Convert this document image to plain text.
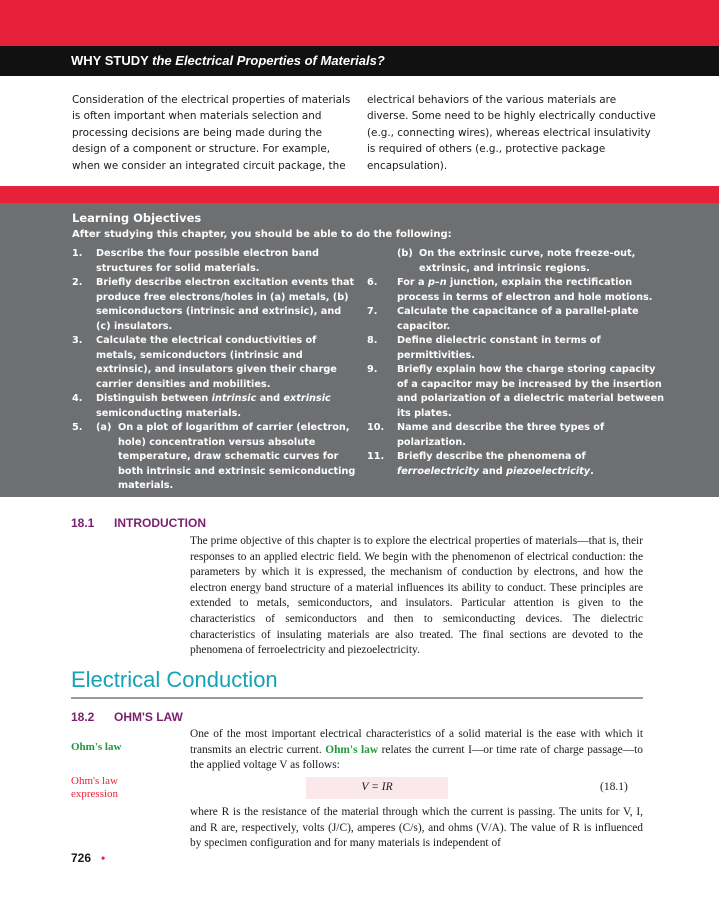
WHY STUDY the Electrical Properties of Materials?
Consideration of the electrical properties of materials is often important when materials selection and processing decisions are being made during the design of a component or structure. For example, when we consider an integrated circuit package, the
electrical behaviors of the various materials are diverse. Some need to be highly electrically conductive (e.g., connecting wires), whereas electrical insulativity is required of others (e.g., protective package encapsulation).
Learning Objectives
After studying this chapter, you should be able to do the following:
1. Describe the four possible electron band structures for solid materials.
2. Briefly describe electron excitation events that produce free electrons/holes in (a) metals, (b) semiconductors (intrinsic and extrinsic), and (c) insulators.
3. Calculate the electrical conductivities of metals, semiconductors (intrinsic and extrinsic), and insulators given their charge carrier densities and mobilities.
4. Distinguish between intrinsic and extrinsic semiconducting materials.
5. (a) On a plot of logarithm of carrier (electron, hole) concentration versus absolute temperature, draw schematic curves for both intrinsic and extrinsic semiconducting materials.
(b) On the extrinsic curve, note freeze-out, extrinsic, and intrinsic regions.
6. For a p–n junction, explain the rectification process in terms of electron and hole motions.
7. Calculate the capacitance of a parallel-plate capacitor.
8. Define dielectric constant in terms of permittivities.
9. Briefly explain how the charge storing capacity of a capacitor may be increased by the insertion and polarization of a dielectric material between its plates.
10. Name and describe the three types of polarization.
11. Briefly describe the phenomena of ferroelectricity and piezoelectricity.
18.1 INTRODUCTION
The prime objective of this chapter is to explore the electrical properties of materials—that is, their responses to an applied electric field. We begin with the phenomenon of electrical conduction: the parameters by which it is expressed, the mechanism of conduction by electrons, and how the electron energy band structure of a material influences its ability to conduct. These principles are extended to metals, semiconductors, and insulators. Particular attention is given to the characteristics of semiconductors and then to semiconducting devices. The dielectric characteristics of insulating materials are also treated. The final sections are devoted to the phenomena of ferroelectricity and piezoelectricity.
Electrical Conduction
18.2 OHM'S LAW
Ohm's law
Ohm's law expression
One of the most important electrical characteristics of a solid material is the ease with which it transmits an electric current. Ohm's law relates the current I—or time rate of charge passage—to the applied voltage V as follows:
V = IR	(18.1)
where R is the resistance of the material through which the current is passing. The units for V, I, and R are, respectively, volts (J/C), amperes (C/s), and ohms (V/A). The value of R is influenced by specimen configuration and for many materials is independent of
726 •
